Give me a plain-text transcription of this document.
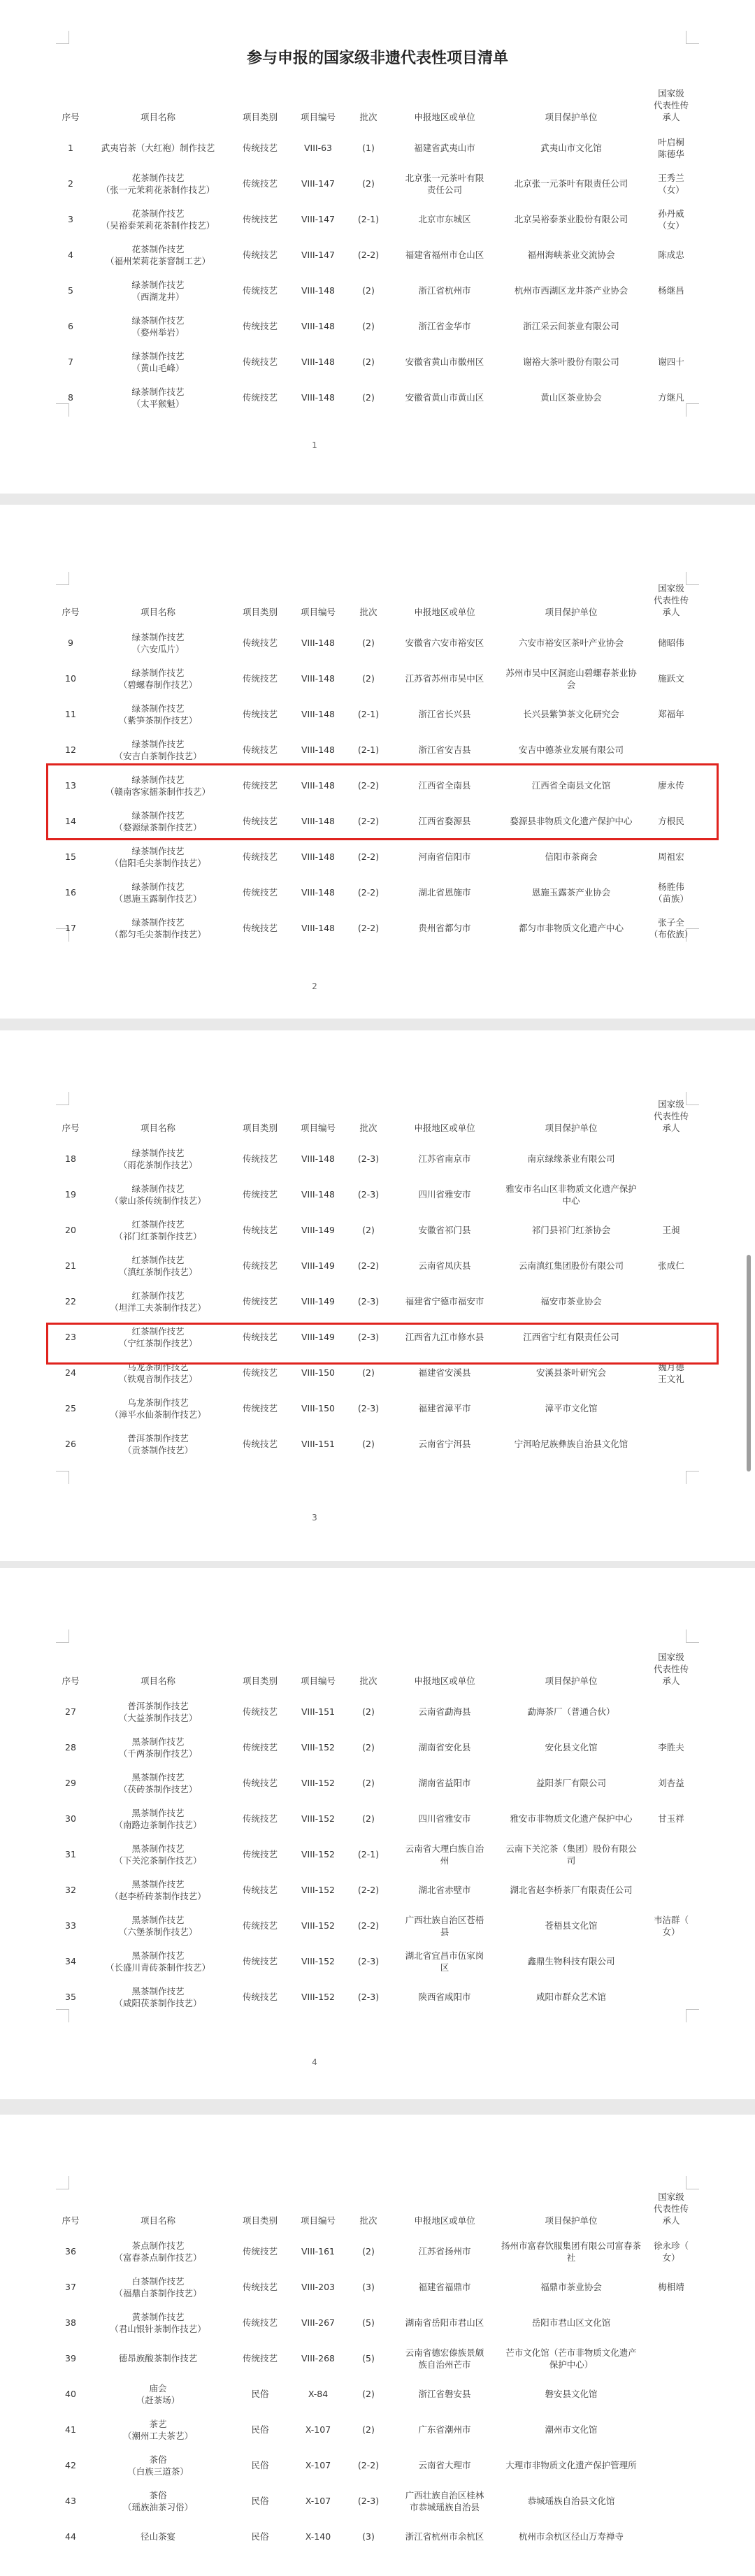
参与申报的国家级非遗代表性项目清单
序号	项目名称	项目类别	项目编号	批次	申报地区或单位	项目保护单位	国家级
代表性传
承人

1	武夷岩茶（大红袍）制作技艺	传统技艺	VIII-63	(1)	福建省武夷山市	武夷山市文化馆	叶启桐
陈德华

2	花茶制作技艺
（张一元茉莉花茶制作技艺）	传统技艺	VIII-147	(2)	北京张一元茶叶有限
责任公司	北京张一元茶叶有限责任公司	王秀兰
（女）

3	花茶制作技艺
（吴裕泰茉莉花茶制作技艺）	传统技艺	VIII-147	(2-1)	北京市东城区	北京吴裕泰茶业股份有限公司	孙丹威
（女）

4	花茶制作技艺
（福州茉莉花茶窨制工艺）	传统技艺	VIII-147	(2-2)	福建省福州市仓山区	福州海峡茶业交流协会	陈成忠

5	绿茶制作技艺
（西湖龙井）	传统技艺	VIII-148	(2)	浙江省杭州市	杭州市西湖区龙井茶产业协会	杨继昌

6	绿茶制作技艺
（婺州举岩）	传统技艺	VIII-148	(2)	浙江省金华市	浙江采云间茶业有限公司	

7	绿茶制作技艺
（黄山毛峰）	传统技艺	VIII-148	(2)	安徽省黄山市徽州区	谢裕大茶叶股份有限公司	谢四十

8	绿茶制作技艺
（太平猴魁）	传统技艺	VIII-148	(2)	安徽省黄山市黄山区	黄山区茶业协会	方继凡
1
序号	项目名称	项目类别	项目编号	批次	申报地区或单位	项目保护单位	国家级
代表性传
承人

9	绿茶制作技艺
（六安瓜片）	传统技艺	VIII-148	(2)	安徽省六安市裕安区	六安市裕安区茶叶产业协会	储昭伟

10	绿茶制作技艺
（碧螺春制作技艺）	传统技艺	VIII-148	(2)	江苏省苏州市吴中区	苏州市吴中区洞庭山碧螺春茶业协
会	施跃文

11	绿茶制作技艺
（紫笋茶制作技艺）	传统技艺	VIII-148	(2-1)	浙江省长兴县	长兴县紫笋茶文化研究会	郑福年

12	绿茶制作技艺
（安吉白茶制作技艺）	传统技艺	VIII-148	(2-1)	浙江省安吉县	安吉中德茶业发展有限公司	

13	绿茶制作技艺
（赣南客家擂茶制作技艺）	传统技艺	VIII-148	(2-2)	江西省全南县	江西省全南县文化馆	廖永传

14	绿茶制作技艺
（婺源绿茶制作技艺）	传统技艺	VIII-148	(2-2)	江西省婺源县	婺源县非物质文化遗产保护中心	方根民

15	绿茶制作技艺
（信阳毛尖茶制作技艺）	传统技艺	VIII-148	(2-2)	河南省信阳市	信阳市茶商会	周祖宏

16	绿茶制作技艺
（恩施玉露制作技艺）	传统技艺	VIII-148	(2-2)	湖北省恩施市	恩施玉露茶产业协会	杨胜伟
（苗族）

17	绿茶制作技艺
（都匀毛尖茶制作技艺）	传统技艺	VIII-148	(2-2)	贵州省都匀市	都匀市非物质文化遗产中心	张子全
（布依族）
2
序号	项目名称	项目类别	项目编号	批次	申报地区或单位	项目保护单位	国家级
代表性传
承人

18	绿茶制作技艺
（雨花茶制作技艺）	传统技艺	VIII-148	(2-3)	江苏省南京市	南京绿缘茶业有限公司	

19	绿茶制作技艺
（蒙山茶传统制作技艺）	传统技艺	VIII-148	(2-3)	四川省雅安市	雅安市名山区非物质文化遗产保护
中心	

20	红茶制作技艺
（祁门红茶制作技艺）	传统技艺	VIII-149	(2)	安徽省祁门县	祁门县祁门红茶协会	王昶

21	红茶制作技艺
（滇红茶制作技艺）	传统技艺	VIII-149	(2-2)	云南省凤庆县	云南滇红集团股份有限公司	张成仁

22	红茶制作技艺
（坦洋工夫茶制作技艺）	传统技艺	VIII-149	(2-3)	福建省宁德市福安市	福安市茶业协会	

23	红茶制作技艺
（宁红茶制作技艺）	传统技艺	VIII-149	(2-3)	江西省九江市修水县	江西省宁红有限责任公司	

24	乌龙茶制作技艺
（铁观音制作技艺）	传统技艺	VIII-150	(2)	福建省安溪县	安溪县茶叶研究会	魏月德
王文礼

25	乌龙茶制作技艺
（漳平水仙茶制作技艺）	传统技艺	VIII-150	(2-3)	福建省漳平市	漳平市文化馆	

26	普洱茶制作技艺
（贡茶制作技艺）	传统技艺	VIII-151	(2)	云南省宁洱县	宁洱哈尼族彝族自治县文化馆	

3
序号	项目名称	项目类别	项目编号	批次	申报地区或单位	项目保护单位	国家级
代表性传
承人

27	普洱茶制作技艺
（大益茶制作技艺）	传统技艺	VIII-151	(2)	云南省勐海县	勐海茶厂（普通合伙）	

28	黑茶制作技艺
（千两茶制作技艺）	传统技艺	VIII-152	(2)	湖南省安化县	安化县文化馆	李胜夫

29	黑茶制作技艺
（茯砖茶制作技艺）	传统技艺	VIII-152	(2)	湖南省益阳市	益阳茶厂有限公司	刘杏益

30	黑茶制作技艺
（南路边茶制作技艺）	传统技艺	VIII-152	(2)	四川省雅安市	雅安市非物质文化遗产保护中心	甘玉祥

31	黑茶制作技艺
（下关沱茶制作技艺）	传统技艺	VIII-152	(2-1)	云南省大理白族自治
州	云南下关沱茶（集团）股份有限公
司	

32	黑茶制作技艺
（赵李桥砖茶制作技艺）	传统技艺	VIII-152	(2-2)	湖北省赤壁市	湖北省赵李桥茶厂有限责任公司	

33	黑茶制作技艺
（六堡茶制作技艺）	传统技艺	VIII-152	(2-2)	广西壮族自治区苍梧
县	苍梧县文化馆	韦洁群（
女）

34	黑茶制作技艺
（长盛川青砖茶制作技艺）	传统技艺	VIII-152	(2-3)	湖北省宜昌市伍家岗
区	鑫鼎生物科技有限公司	

35	黑茶制作技艺
（咸阳茯茶制作技艺）	传统技艺	VIII-152	(2-3)	陕西省咸阳市	咸阳市群众艺术馆	

4
序号	项目名称	项目类别	项目编号	批次	申报地区或单位	项目保护单位	国家级
代表性传
承人

36	茶点制作技艺
（富春茶点制作技艺）	传统技艺	VIII-161	(2)	江苏省扬州市	扬州市富春饮服集团有限公司富春茶
社	徐永珍（
女）

37	白茶制作技艺
（福鼎白茶制作技艺）	传统技艺	VIII-203	(3)	福建省福鼎市	福鼎市茶业协会	梅相靖

38	黄茶制作技艺
（君山银针茶制作技艺）	传统技艺	VIII-267	(5)	湖南省岳阳市君山区	岳阳市君山区文化馆	

39	德昂族酸茶制作技艺	传统技艺	VIII-268	(5)	云南省德宏傣族景颇
族自治州芒市	芒市文化馆（芒市非物质文化遗产
保护中心）	

40	庙会
（赶茶场）	民俗	X-84	(2)	浙江省磐安县	磐安县文化馆	

41	茶艺
（潮州工夫茶艺）	民俗	X-107	(2)	广东省潮州市	潮州市文化馆	

42	茶俗
（白族三道茶）	民俗	X-107	(2-2)	云南省大理市	大理市非物质文化遗产保护管理所	

43	茶俗
（瑶族油茶习俗）	民俗	X-107	(2-3)	广西壮族自治区桂林
市恭城瑶族自治县	恭城瑶族自治县文化馆	

44	径山茶宴	民俗	X-140	(3)	浙江省杭州市余杭区	杭州市余杭区径山万寿禅寺	
